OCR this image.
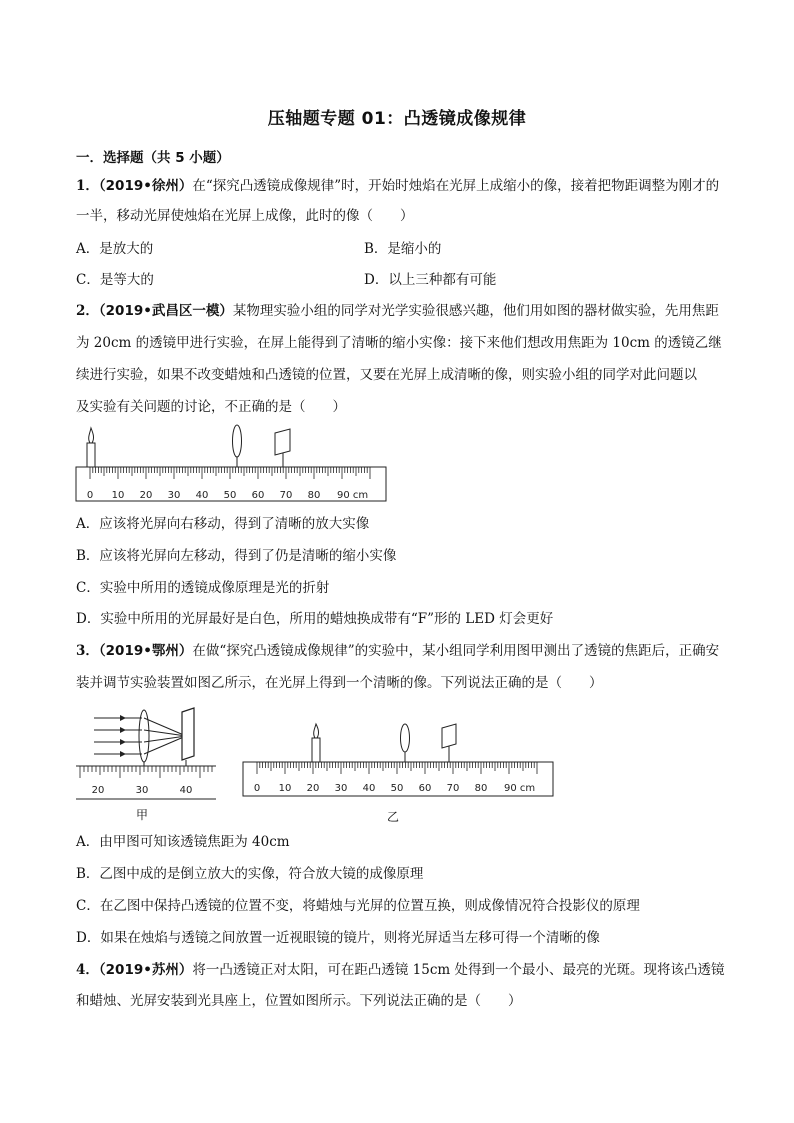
压轴题专题 01：凸透镜成像规律
一．选择题（共 5 小题）
1．（2019•徐州）在“探究凸透镜成像规律”时，开始时烛焰在光屏上成缩小的像，接着把物距调整为刚才的
一半，移动光屏使烛焰在光屏上成像，此时的像（　　）
A．是放大的	B．是缩小的
C．是等大的	D．以上三种都有可能
2．（2019•武昌区一模）某物理实验小组的同学对光学实验很感兴趣，他们用如图的器材做实验，先用焦距
为 20cm 的透镜甲进行实验，在屏上能得到了清晰的缩小实像：接下来他们想改用焦距为 10cm 的透镜乙继
续进行实验，如果不改变蜡烛和凸透镜的位置，又要在光屏上成清晰的像，则实验小组的同学对此问题以
及实验有关问题的讨论，不正确的是（　　）
0 10 20 30 40 50 60 70 80 90 cm
A．应该将光屏向右移动，得到了清晰的放大实像
B．应该将光屏向左移动，得到了仍是清晰的缩小实像
C．实验中所用的透镜成像原理是光的折射
D．实验中所用的光屏最好是白色，所用的蜡烛换成带有“F”形的 LED 灯会更好
3．（2019•鄂州）在做“探究凸透镜成像规律”的实验中，某小组同学利用图甲测出了透镜的焦距后，正确安
装并调节实验装置如图乙所示，在光屏上得到一个清晰的像。下列说法正确的是（　　）
20	30	40
甲
0 10 20 30 40 50 60 70 80 90 cm
乙
A．由甲图可知该透镜焦距为 40cm
B．乙图中成的是倒立放大的实像，符合放大镜的成像原理
C．在乙图中保持凸透镜的位置不变，将蜡烛与光屏的位置互换，则成像情况符合投影仪的原理
D．如果在烛焰与透镜之间放置一近视眼镜的镜片，则将光屏适当左移可得一个清晰的像
4．（2019•苏州）将一凸透镜正对太阳，可在距凸透镜 15cm 处得到一个最小、最亮的光斑。现将该凸透镜
和蜡烛、光屏安装到光具座上，位置如图所示。下列说法正确的是（　　）
